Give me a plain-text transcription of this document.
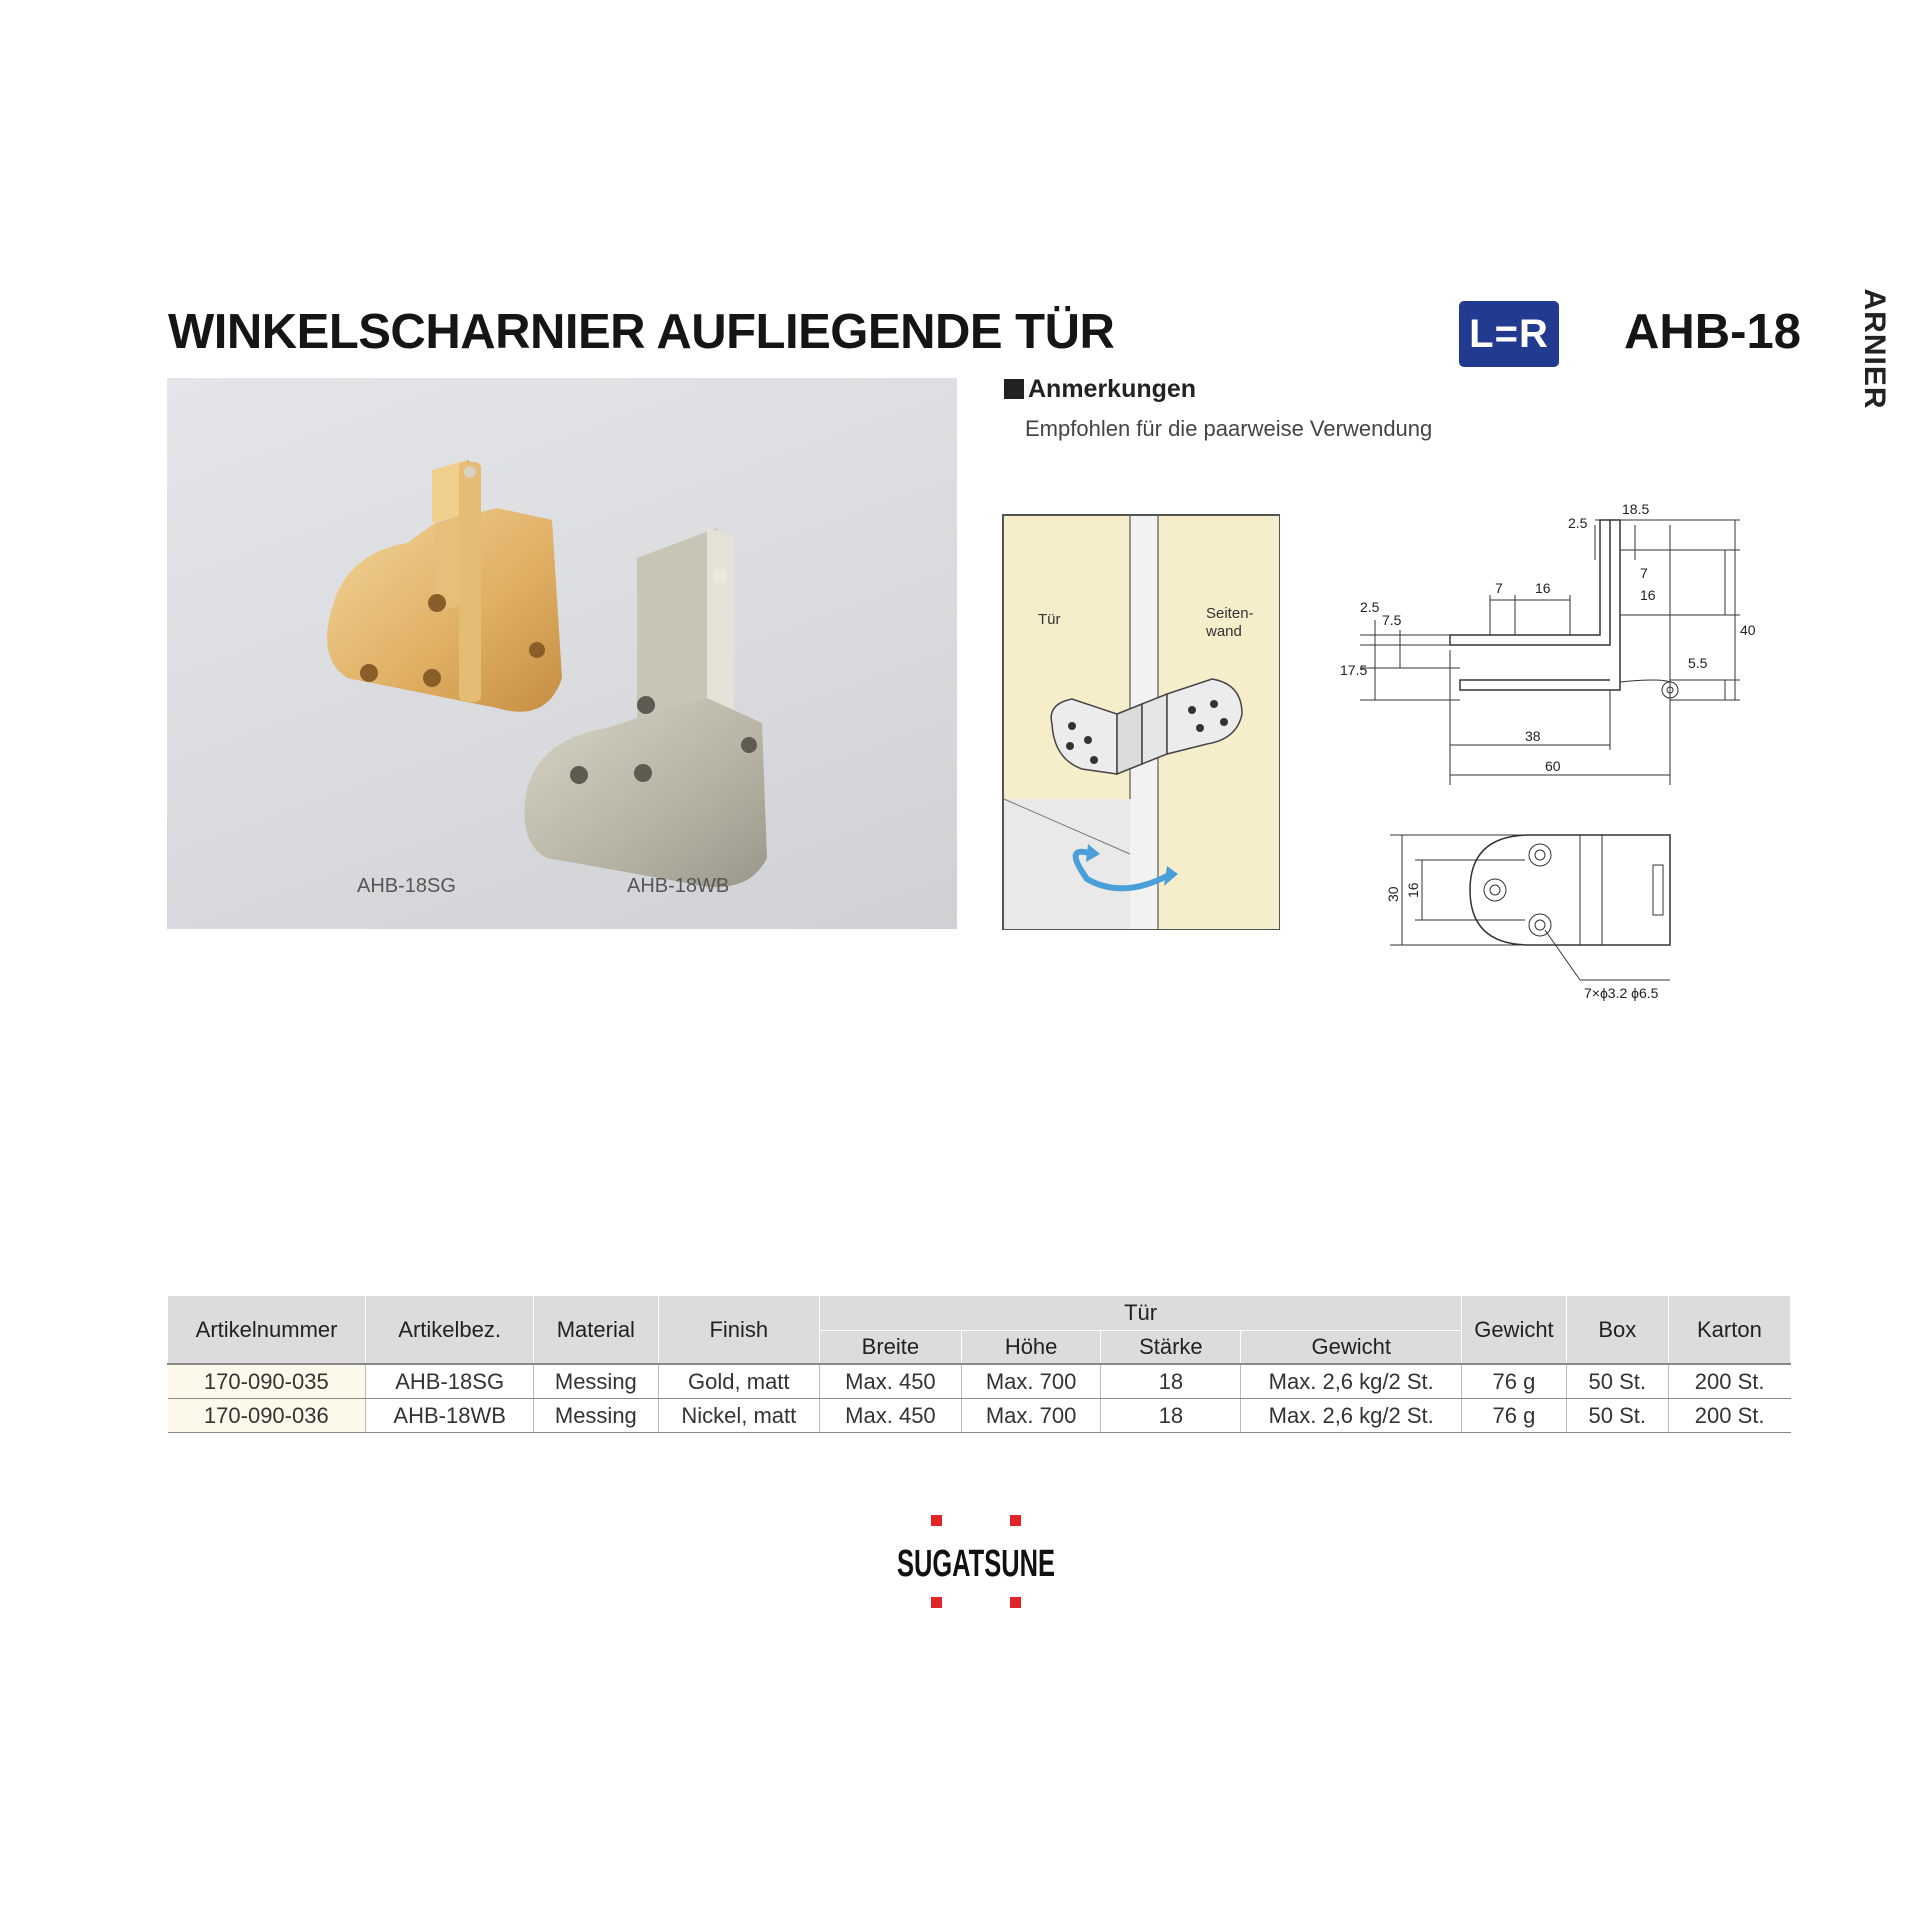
WINKELSCHARNIER AUFLIEGENDE TÜR	L=R AHB-18 ARNIER
AHB-18SG	AHB-18WB
Anmerkungen
Empfohlen für die paarweise Verwendung
Tür	Seiten-
wand
2.5
18.5
7 16
7
16
2.5
7.5
17.5	5.5
40
38
60
30 16
7×ϕ3.2 ϕ6.5
Artikelnummer	Artikelbez.	Material	Finish	Tür				Gewicht	Box	Karton
				Breite	Höhe	Stärke	Gewicht			
170-090-035	AHB-18SG	Messing	Gold, matt	Max. 450	Max. 700	18	Max. 2,6 kg/2 St.	76 g	50 St.	200 St.
170-090-036	AHB-18WB	Messing	Nickel, matt	Max. 450	Max. 700	18	Max. 2,6 kg/2 St.	76 g	50 St.	200 St.
SUGATSUNE
